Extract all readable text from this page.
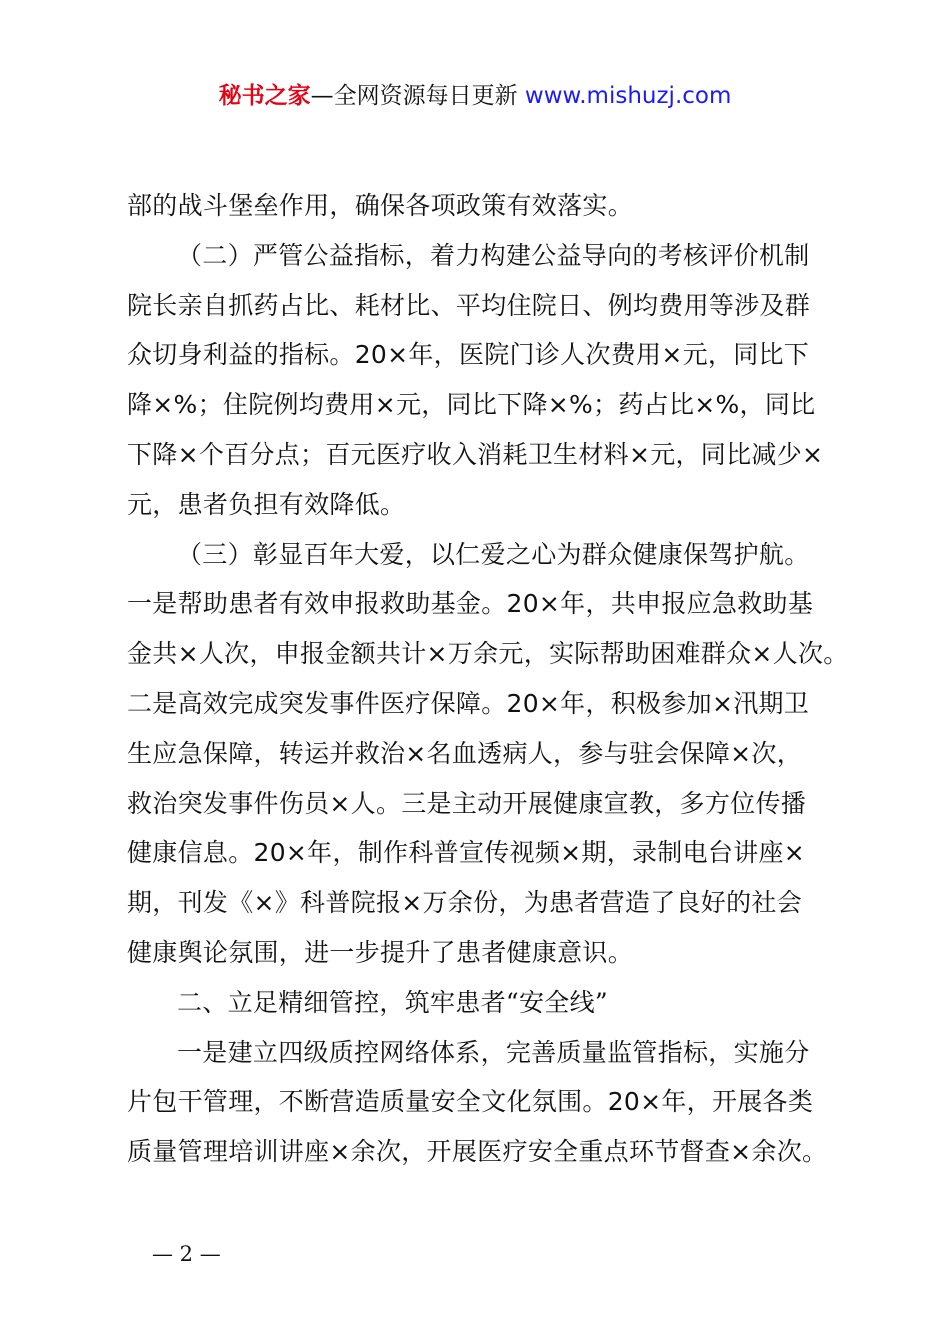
秘书之家—全网资源每日更新 www.mishuzj.com

部的战斗堡垒作用，确保各项政策有效落实。

（二）严管公益指标，着力构建公益导向的考核评价机制

院长亲自抓药占比、耗材比、平均住院日、例均费用等涉及群
众切身利益的指标。20×年，医院门诊人次费用×元，同比下
降×%；住院例均费用×元，同比下降×%；药占比×%，同比
下降×个百分点；百元医疗收入消耗卫生材料×元，同比减少×
元，患者负担有效降低。

（三）彰显百年大爱，以仁爱之心为群众健康保驾护航。

一是帮助患者有效申报救助基金。20×年，共申报应急救助基
金共×人次，申报金额共计×万余元，实际帮助困难群众×人次。
二是高效完成突发事件医疗保障。20×年，积极参加×汛期卫
生应急保障，转运并救治×名血透病人，参与驻会保障×次，
救治突发事件伤员×人。三是主动开展健康宣教，多方位传播
健康信息。20×年，制作科普宣传视频×期，录制电台讲座×
期，刊发《×》科普院报×万余份，为患者营造了良好的社会
健康舆论氛围，进一步提升了患者健康意识。

二、立足精细管控，筑牢患者“安全线”

一是建立四级质控网络体系，完善质量监管指标，实施分

片包干管理，不断营造质量安全文化氛围。20×年，开展各类
质量管理培训讲座×余次，开展医疗安全重点环节督查×余次。

— 2 —
